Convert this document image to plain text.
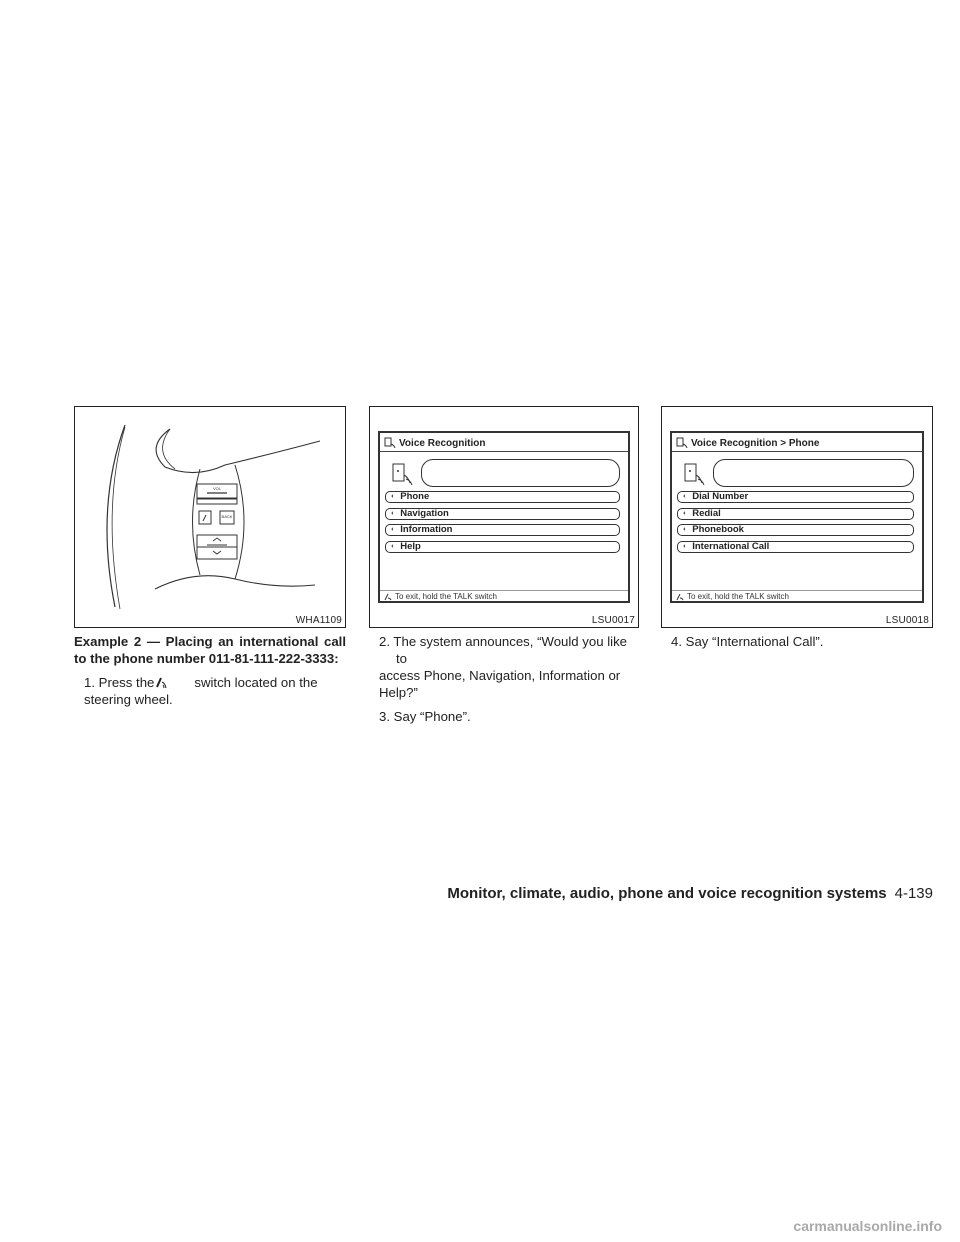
VOL
BACK
WHA1109
Voice Recognition
◐ Phone
◐ Navigation
◐ Information
◐ Help
To exit, hold the TALK switch
LSU0017
Voice Recognition > Phone
◐ Dial Number
◐ Redial
◐ Phonebook
◐ International Call
To exit, hold the TALK switch
LSU0018
Example 2 — Placing an international call
to the phone number 011-81-111-222-3333:
1. Press the	switch located on the
steering wheel.
2. The system announces, “Would you like to
access Phone, Navigation, Information or
Help?”
3. Say “Phone”.
4. Say “International Call”.
Monitor, climate, audio, phone and voice recognition systems 4-139
carmanualsonline.info
